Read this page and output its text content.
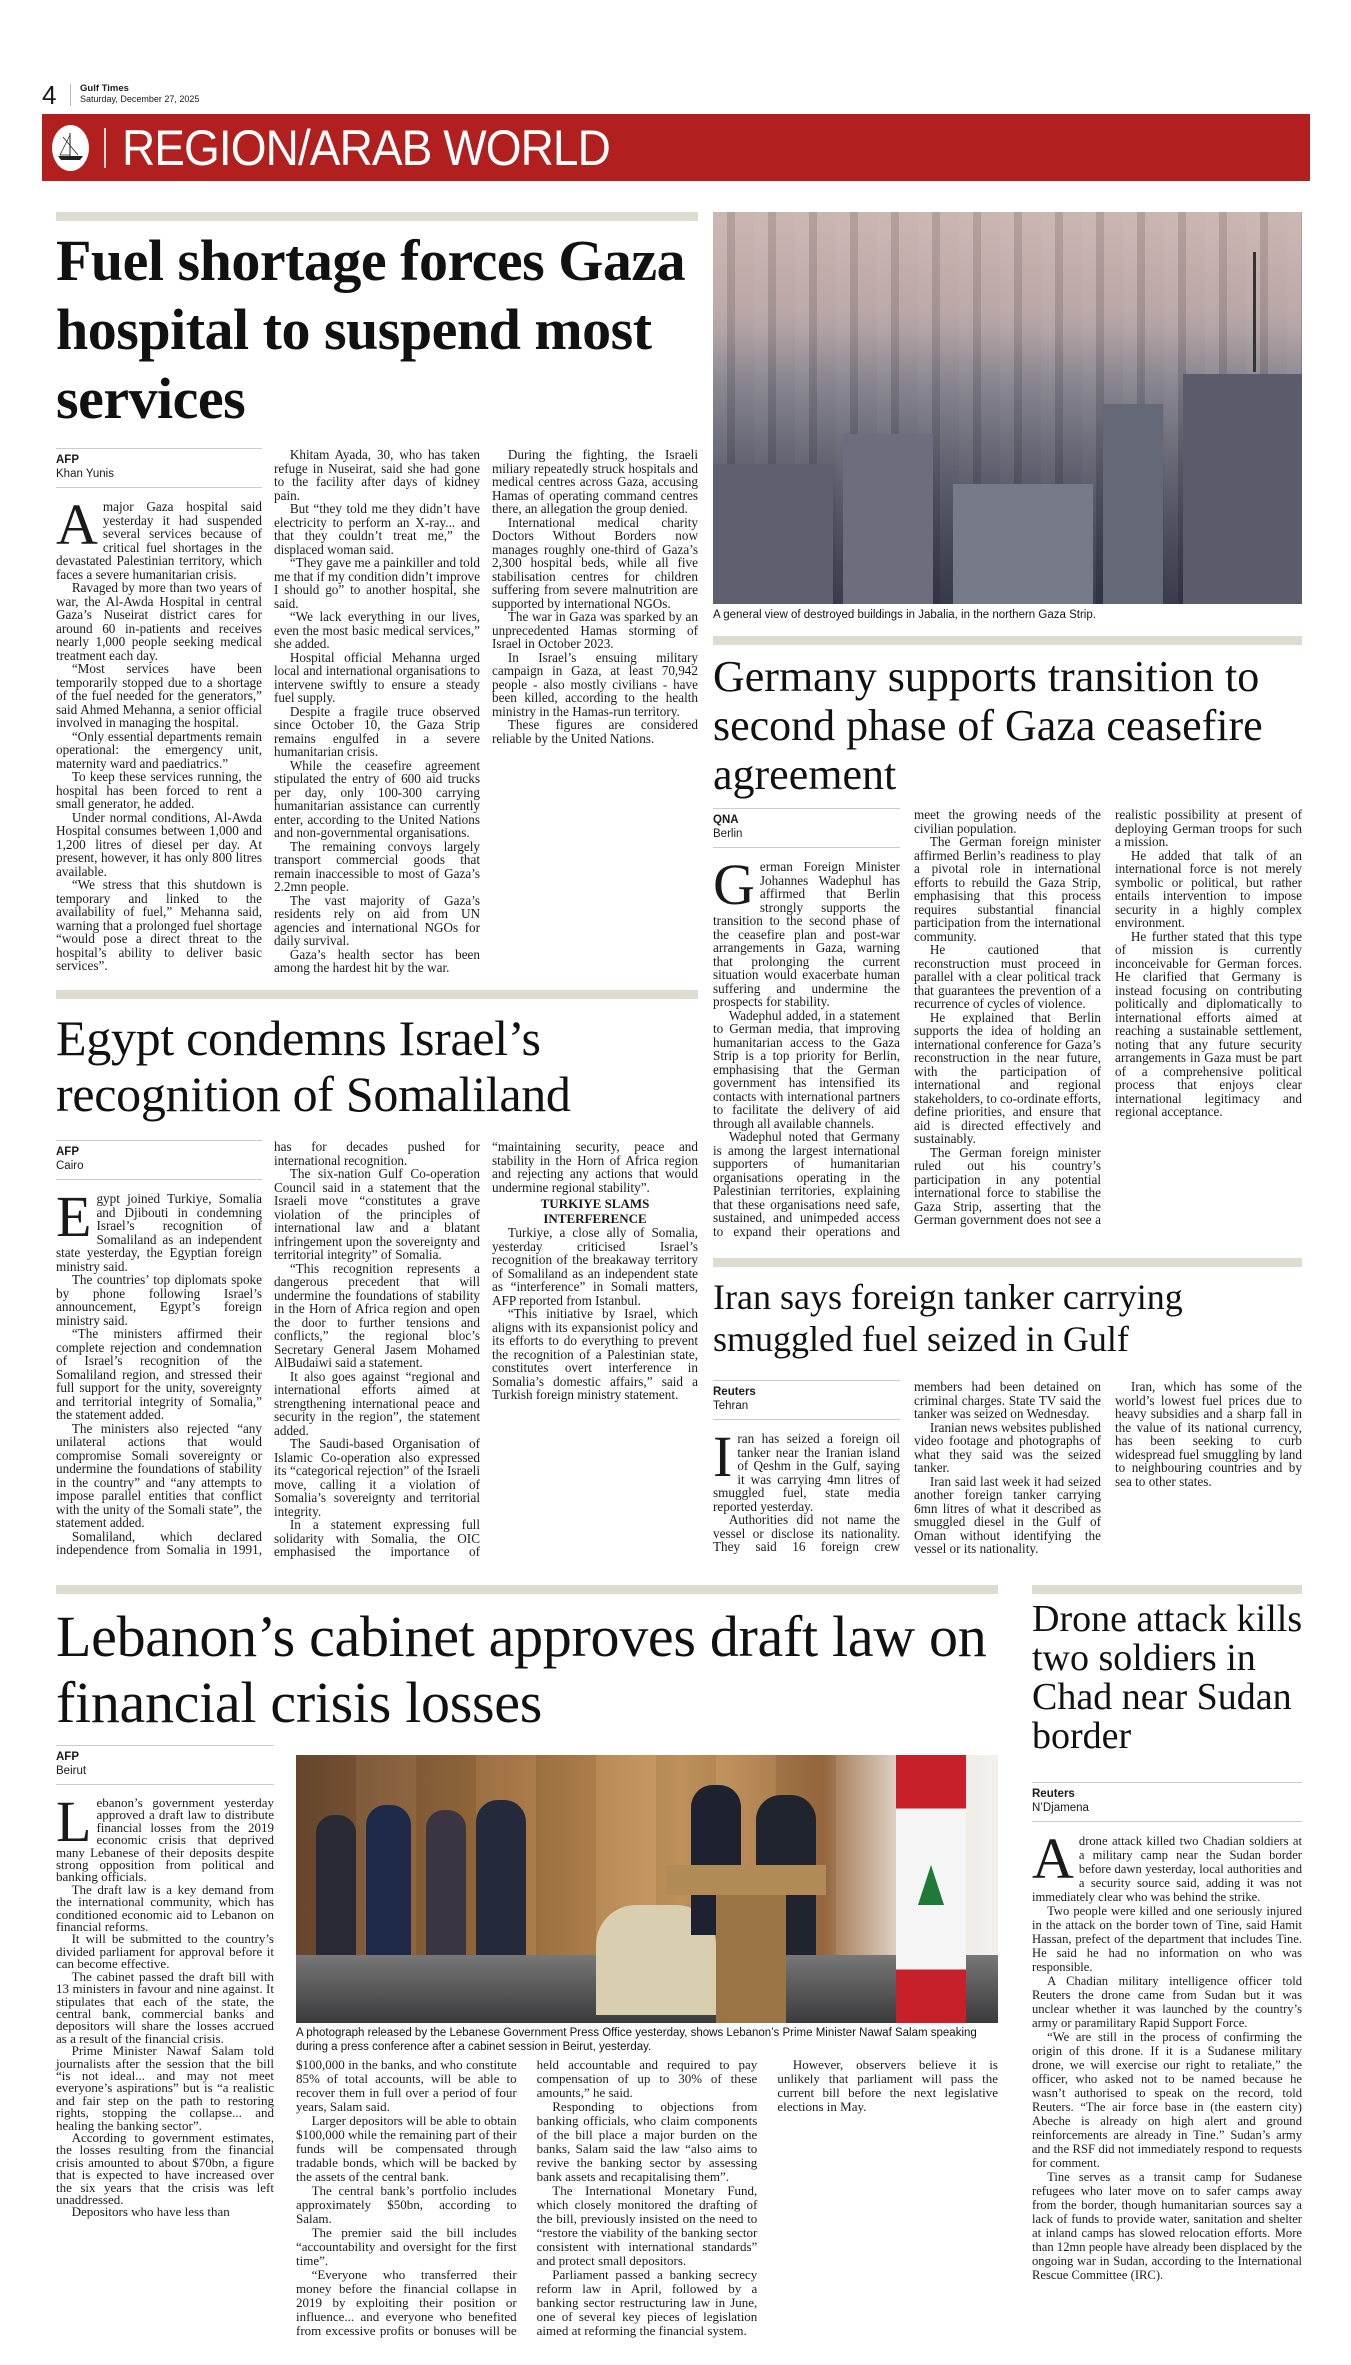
4 Gulf Times
Saturday, December 27, 2025
REGION/ARAB WORLD
Fuel shortage forces Gaza hospital to suspend most services
AFP
Khan Yunis

Amajor Gaza hospital said yesterday it had suspended several services because of critical fuel shortages in the devastated Palestinian territory, which faces a severe humanitarian crisis.

Ravaged by more than two years of war, the Al-Awda Hospital in central Gaza’s Nuseirat district cares for around 60 in-patients and receives nearly 1,000 people seeking medical treatment each day.

“Most services have been temporarily stopped due to a shortage of the fuel needed for the generators,” said Ahmed Mehanna, a senior official involved in managing the hospital.

“Only essential departments remain operational: the emergency unit, maternity ward and paediatrics.”

To keep these services running, the hospital has been forced to rent a small generator, he added.

Under normal conditions, Al-Awda Hospital consumes between 1,000 and 1,200 litres of diesel per day. At present, however, it has only 800 litres available.

“We stress that this shutdown is temporary and linked to the availability of fuel,” Mehanna said, warning that a prolonged fuel shortage “would pose a direct threat to the hospital’s ability to deliver basic services”.

Khitam Ayada, 30, who has taken refuge in Nuseirat, said she had gone to the facility after days of kidney pain.

But “they told me they didn’t have electricity to perform an X-ray... and that they couldn’t treat me,” the displaced woman said.

“They gave me a painkiller and told me that if my condition didn’t improve I should go” to another hospital, she said.

“We lack everything in our lives, even the most basic medical services,” she added.

Hospital official Mehanna urged local and international organisations to intervene swiftly to ensure a steady fuel supply.

Despite a fragile truce observed since October 10, the Gaza Strip remains engulfed in a severe humanitarian crisis.

While the ceasefire agreement stipulated the entry of 600 aid trucks per day, only 100-300 carrying humanitarian assistance can currently enter, according to the United Nations and non-governmental organisations.

The remaining convoys largely transport commercial goods that remain inaccessible to most of Gaza’s 2.2mn people.

The vast majority of Gaza’s residents rely on aid from UN agencies and international NGOs for daily survival.

Gaza’s health sector has been among the hardest hit by the war.

During the fighting, the Israeli miliary repeatedly struck hospitals and medical centres across Gaza, accusing Hamas of operating command centres there, an allegation the group denied.

International medical charity Doctors Without Borders now manages roughly one-third of Gaza’s 2,300 hospital beds, while all five stabilisation centres for children suffering from severe malnutrition are supported by international NGOs.

The war in Gaza was sparked by an unprecedented Hamas storming of Israel in October 2023.

In Israel’s ensuing military campaign in Gaza, at least 70,942 people - also mostly civilians - have been killed, according to the health ministry in the Hamas-run territory.

These figures are considered reliable by the United Nations.

A general view of destroyed buildings in Jabalia, in the northern Gaza Strip.
Germany supports transition to second phase of Gaza ceasefire agreement
QNA
Berlin

German Foreign Minister Johannes Wadephul has affirmed that Berlin strongly supports the transition to the second phase of the ceasefire plan and post-war arrangements in Gaza, warning that prolonging the current situation would exacerbate human suffering and undermine the prospects for stability.

Wadephul added, in a statement to German media, that improving humanitarian access to the Gaza Strip is a top priority for Berlin, emphasising that the German government has intensified its contacts with international partners to facilitate the delivery of aid through all available channels.

Wadephul noted that Germany is among the largest international supporters of humanitarian organisations operating in the Palestinian territories, explaining that these organisations need safe, sustained, and unimpeded access to expand their operations and meet the growing needs of the civilian population.

The German foreign minister affirmed Berlin’s readiness to play a pivotal role in international efforts to rebuild the Gaza Strip, emphasising that this process requires substantial financial participation from the international community.

He cautioned that reconstruction must proceed in parallel with a clear political track that guarantees the prevention of a recurrence of cycles of violence.

He explained that Berlin supports the idea of holding an international conference for Gaza’s reconstruction in the near future, with the participation of international and regional stakeholders, to co-ordinate efforts, define priorities, and ensure that aid is directed effectively and sustainably.

The German foreign minister ruled out his country’s participation in any potential international force to stabilise the Gaza Strip, asserting that the German government does not see a realistic possibility at present of deploying German troops for such a mission.

He added that talk of an international force is not merely symbolic or political, but rather entails intervention to impose security in a highly complex environment.

He further stated that this type of mission is currently inconceivable for German forces. He clarified that Germany is instead focusing on contributing politically and diplomatically to international efforts aimed at reaching a sustainable settlement, noting that any future security arrangements in Gaza must be part of a comprehensive political process that enjoys clear international legitimacy and regional acceptance.

Egypt condemns Israel’s recognition of Somaliland
AFP
Cairo

Egypt joined Turkiye, Somalia and Djibouti in condemning Israel’s recognition of Somaliland as an independent state yesterday, the Egyptian foreign ministry said.

The countries’ top diplomats spoke by phone following Israel’s announcement, Egypt’s foreign ministry said.

“The ministers affirmed their complete rejection and condemnation of Israel’s recognition of the Somaliland region, and stressed their full support for the unity, sovereignty and territorial integrity of Somalia,” the statement added.

The ministers also rejected “any unilateral actions that would compromise Somali sovereignty or undermine the foundations of stability in the country” and “any attempts to impose parallel entities that conflict with the unity of the Somali state”, the statement added.

Somaliland, which declared independence from Somalia in 1991, has for decades pushed for international recognition.

The six-nation Gulf Co-operation Council said in a statement that the Israeli move “constitutes a grave violation of the principles of international law and a blatant infringement upon the sovereignty and territorial integrity” of Somalia.

“This recognition represents a dangerous precedent that will undermine the foundations of stability in the Horn of Africa region and open the door to further tensions and conflicts,” the regional bloc’s Secretary General Jasem Mohamed AlBudaiwi said a statement.

It also goes against “regional and international efforts aimed at strengthening international peace and security in the region”, the statement added.

The Saudi-based Organisation of Islamic Co-operation also expressed its “categorical rejection” of the Israeli move, calling it a violation of Somalia’s sovereignty and territorial integrity.

In a statement expressing full solidarity with Somalia, the OIC emphasised the importance of “maintaining security, peace and stability in the Horn of Africa region and rejecting any actions that would undermine regional stability”.

TURKIYE SLAMS INTERFERENCE

Turkiye, a close ally of Somalia, yesterday criticised Israel’s recognition of the breakaway territory of Somaliland as an independent state as “interference” in Somali matters, AFP reported from Istanbul.

“This initiative by Israel, which aligns with its expansionist policy and its efforts to do everything to prevent the recognition of a Palestinian state, constitutes overt interference in Somalia’s domestic affairs,” said a Turkish foreign ministry statement.

Iran says foreign tanker carrying smuggled fuel seized in Gulf
Reuters
Tehran

Iran has seized a foreign oil tanker near the Iranian island of Qeshm in the Gulf, saying it was carrying 4mn litres of smuggled fuel, state media reported yesterday.

Authorities did not name the vessel or disclose its nationality. They said 16 foreign crew members had been detained on criminal charges. State TV said the tanker was seized on Wednesday.

Iranian news websites published video footage and photographs of what they said was the seized tanker.

Iran said last week it had seized another foreign tanker carrying 6mn litres of what it described as smuggled diesel in the Gulf of Oman without identifying the vessel or its nationality.

Iran, which has some of the world’s lowest fuel prices due to heavy subsidies and a sharp fall in the value of its national currency, has been seeking to curb widespread fuel smuggling by land to neighbouring countries and by sea to other states.

Lebanon’s cabinet approves draft law on financial crisis losses
AFP
Beirut

Lebanon’s government yesterday approved a draft law to distribute financial losses from the 2019 economic crisis that deprived many Lebanese of their deposits despite strong opposition from political and banking officials.

The draft law is a key demand from the international community, which has conditioned economic aid to Lebanon on financial reforms.

It will be submitted to the country’s divided parliament for approval before it can become effective.

The cabinet passed the draft bill with 13 ministers in favour and nine against. It stipulates that each of the state, the central bank, commercial banks and depositors will share the losses accrued as a result of the financial crisis.

Prime Minister Nawaf Salam told journalists after the session that the bill “is not ideal... and may not meet everyone’s aspirations” but is “a realistic and fair step on the path to restoring rights, stopping the collapse... and healing the banking sector”.

According to government estimates, the losses resulting from the financial crisis amounted to about $70bn, a figure that is expected to have increased over the six years that the crisis was left unaddressed.

Depositors who have less than

A photograph released by the Lebanese Government Press Office yesterday, shows Lebanon’s Prime Minister Nawaf Salam speaking during a press conference after a cabinet session in Beirut, yesterday.

$100,000 in the banks, and who constitute 85% of total accounts, will be able to recover them in full over a period of four years, Salam said.

Larger depositors will be able to obtain $100,000 while the remaining part of their funds will be compensated through tradable bonds, which will be backed by the assets of the central bank.

The central bank’s portfolio includes approximately $50bn, according to Salam.

The premier said the bill includes “accountability and oversight for the first time”.

“Everyone who transferred their money before the financial collapse in 2019 by exploiting their position or influence... and everyone who benefited from excessive profits or bonuses will be held accountable and required to pay compensation of up to 30% of these amounts,” he said.

Responding to objections from banking officials, who claim components of the bill place a major burden on the banks, Salam said the law “also aims to revive the banking sector by assessing bank assets and recapitalising them”.

The International Monetary Fund, which closely monitored the drafting of the bill, previously insisted on the need to “restore the viability of the banking sector consistent with international standards” and protect small depositors.

Parliament passed a banking secrecy reform law in April, followed by a banking sector restructuring law in June, one of several key pieces of legislation aimed at reforming the financial system.

However, observers believe it is unlikely that parliament will pass the current bill before the next legislative elections in May.

Drone attack kills two soldiers in Chad near Sudan border
Reuters
N’Djamena

Adrone attack killed two Chadian soldiers at a military camp near the Sudan border before dawn yesterday, local authorities and a security source said, adding it was not immediately clear who was behind the strike.

Two people were killed and one seriously injured in the attack on the border town of Tine, said Hamit Hassan, prefect of the department that includes Tine. He said he had no information on who was responsible.

A Chadian military intelligence officer told Reuters the drone came from Sudan but it was unclear whether it was launched by the country’s army or paramilitary Rapid Support Force.

“We are still in the process of confirming the origin of this drone. If it is a Sudanese military drone, we will exercise our right to retaliate,” the officer, who asked not to be named because he wasn’t authorised to speak on the record, told Reuters. “The air force base in (the eastern city) Abeche is already on high alert and ground reinforcements are already in Tine.” Sudan’s army and the RSF did not immediately respond to requests for comment.

Tine serves as a transit camp for Sudanese refugees who later move on to safer camps away from the border, though humanitarian sources say a lack of funds to provide water, sanitation and shelter at inland camps has slowed relocation efforts. More than 12mn people have already been displaced by the ongoing war in Sudan, according to the International Rescue Committee (IRC).
